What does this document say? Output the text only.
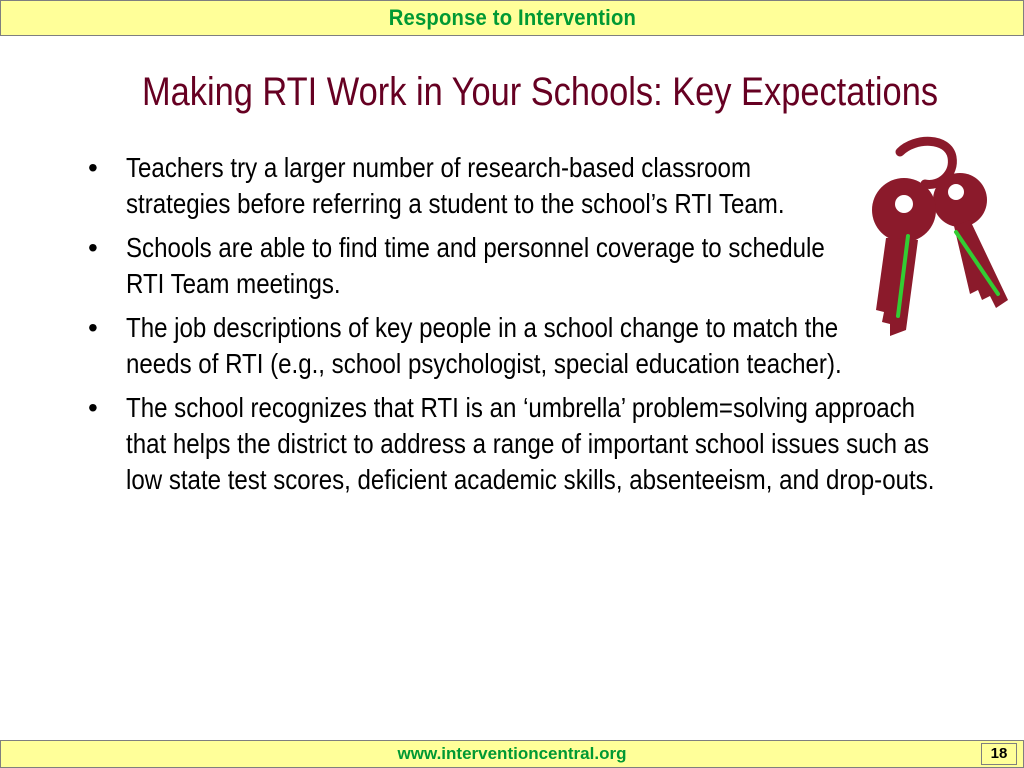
Response to Intervention
Making RTI Work in Your Schools: Key Expectations
• Teachers try a larger number of research-based classroom strategies before referring a student to the school’s RTI Team.
• Schools are able to find time and personnel coverage to schedule RTI Team meetings.
• The job descriptions of key people in a school change to match the needs of RTI (e.g., school psychologist, special education teacher).
• The school recognizes that RTI is an ‘umbrella’ problem=solving approach that helps the district to address a range of important school issues such as low state test scores, deficient academic skills, absenteeism, and drop-outs.
www.interventioncentral.org	18
